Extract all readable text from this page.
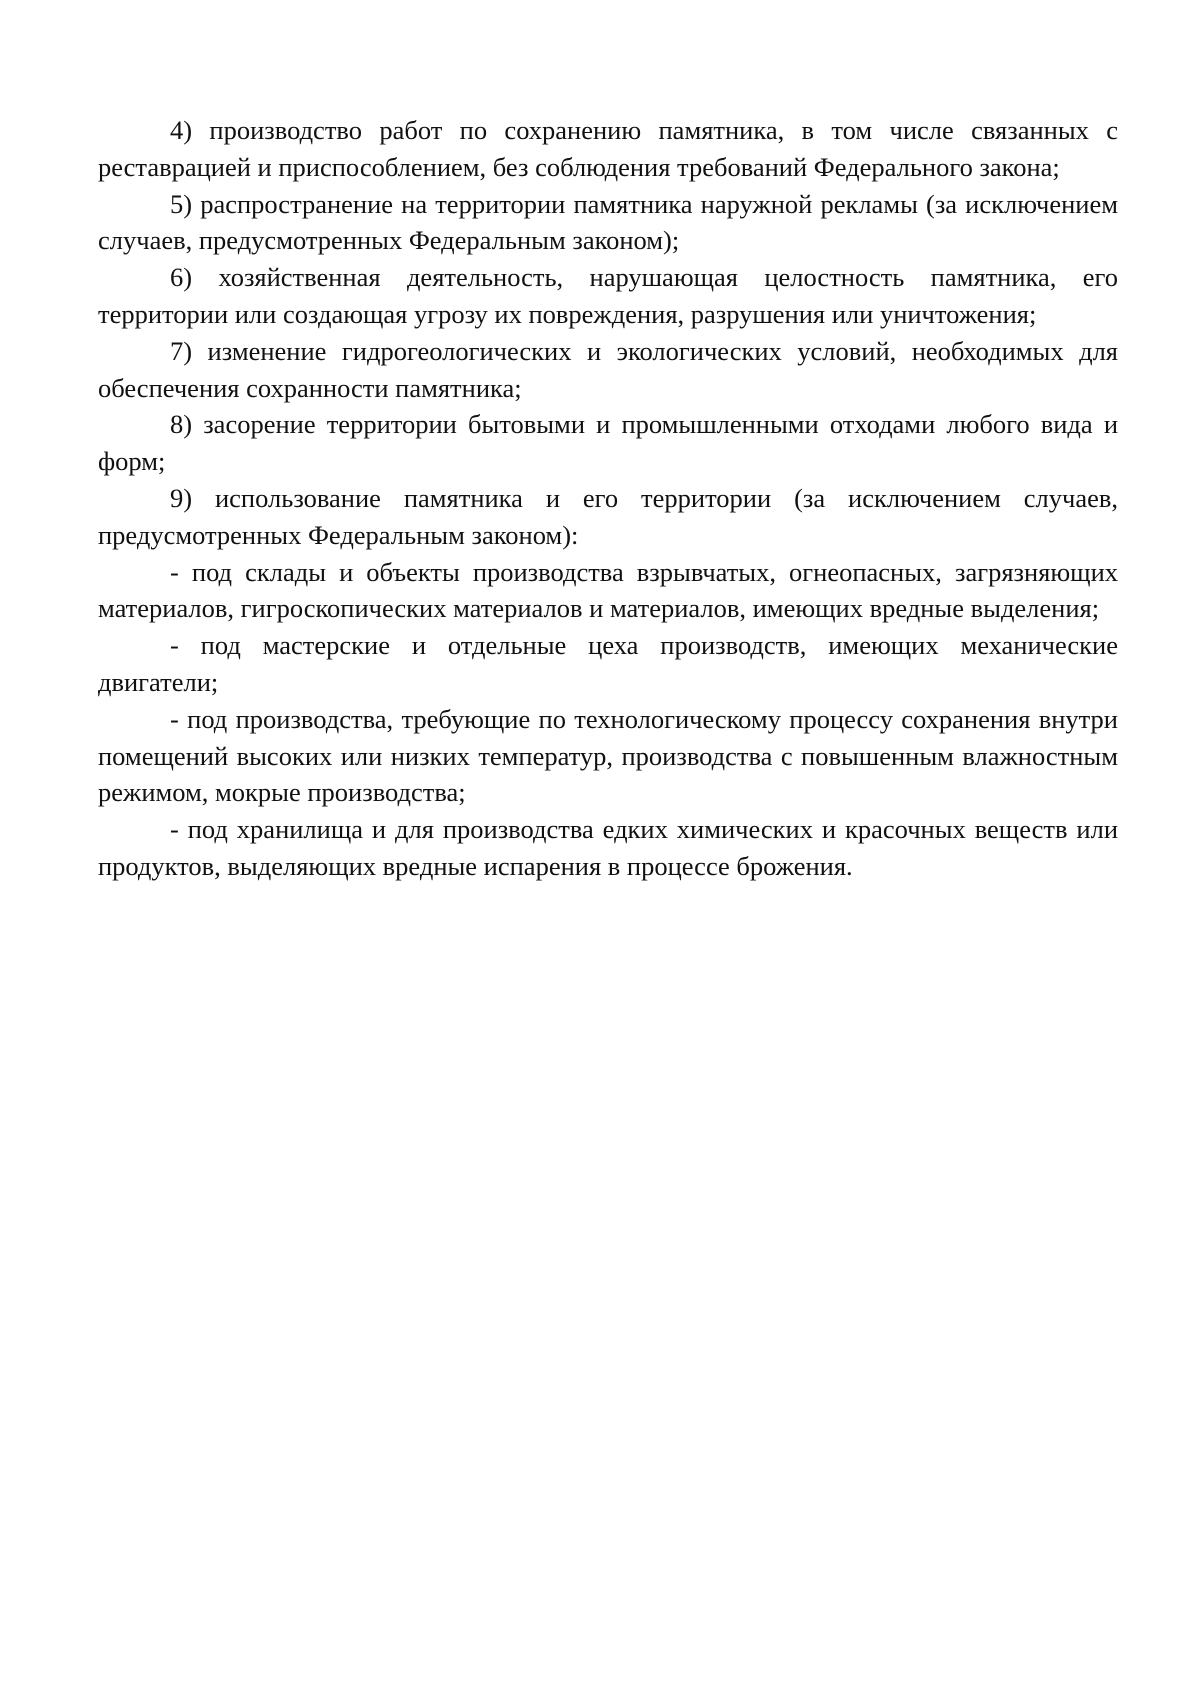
4) производство работ по сохранению памятника, в том числе связанных с реставрацией и приспособлением, без соблюдения требований Федерального закона;

5) распространение на территории памятника наружной рекламы (за исключением случаев, предусмотренных Федеральным законом);

6) хозяйственная деятельность, нарушающая целостность памятника, его территории или создающая угрозу их повреждения, разрушения или уничтожения;

7) изменение гидрогеологических и экологических условий, необходимых для обеспечения сохранности памятника;

8) засорение территории бытовыми и промышленными отходами любого вида и форм;

9) использование памятника и его территории (за исключением случаев, предусмотренных Федеральным законом):

- под склады и объекты производства взрывчатых, огнеопасных, загрязняющих материалов, гигроскопических материалов и материалов, имеющих вредные выделения;

- под мастерские и отдельные цеха производств, имеющих механические двигатели;

- под производства, требующие по технологическому процессу сохранения внутри помещений высоких или низких температур, производства с повышенным влажностным режимом, мокрые производства;

- под хранилища и для производства едких химических и красочных веществ или продуктов, выделяющих вредные испарения в процессе брожения.
